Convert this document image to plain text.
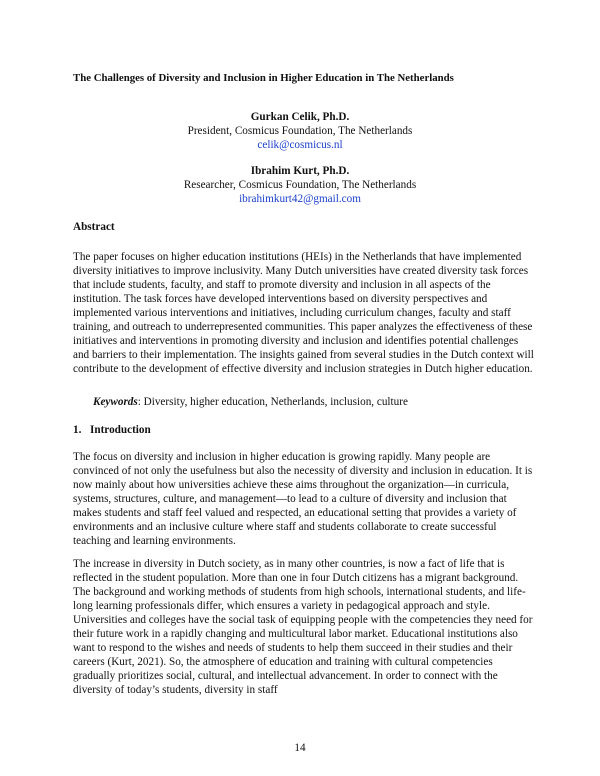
The Challenges of Diversity and Inclusion in Higher Education in The Netherlands
Gurkan Celik, Ph.D.
President, Cosmicus Foundation, The Netherlands
celik@cosmicus.nl
Ibrahim Kurt, Ph.D.
Researcher, Cosmicus Foundation, The Netherlands
ibrahimkurt42@gmail.com
Abstract
The paper focuses on higher education institutions (HEIs) in the Netherlands that have implemented diversity initiatives to improve inclusivity. Many Dutch universities have created diversity task forces that include students, faculty, and staff to promote diversity and inclusion in all aspects of the institution. The task forces have developed interventions based on diversity perspectives and implemented various interventions and initiatives, including curriculum changes, faculty and staff training, and outreach to underrepresented communities. This paper analyzes the effectiveness of these initiatives and interventions in promoting diversity and inclusion and identifies potential challenges and barriers to their implementation. The insights gained from several studies in the Dutch context will contribute to the development of effective diversity and inclusion strategies in Dutch higher education.
Keywords: Diversity, higher education, Netherlands, inclusion, culture
1. Introduction
The focus on diversity and inclusion in higher education is growing rapidly. Many people are convinced of not only the usefulness but also the necessity of diversity and inclusion in education. It is now mainly about how universities achieve these aims throughout the organization—in curricula, systems, structures, culture, and management—to lead to a culture of diversity and inclusion that makes students and staff feel valued and respected, an educational setting that provides a variety of environments and an inclusive culture where staff and students collaborate to create successful teaching and learning environments.
The increase in diversity in Dutch society, as in many other countries, is now a fact of life that is reflected in the student population. More than one in four Dutch citizens has a migrant background. The background and working methods of students from high schools, international students, and life-long learning professionals differ, which ensures a variety in pedagogical approach and style. Universities and colleges have the social task of equipping people with the competencies they need for their future work in a rapidly changing and multicultural labor market. Educational institutions also want to respond to the wishes and needs of students to help them succeed in their studies and their careers (Kurt, 2021). So, the atmosphere of education and training with cultural competencies gradually prioritizes social, cultural, and intellectual advancement. In order to connect with the diversity of today’s students, diversity in staff
14
